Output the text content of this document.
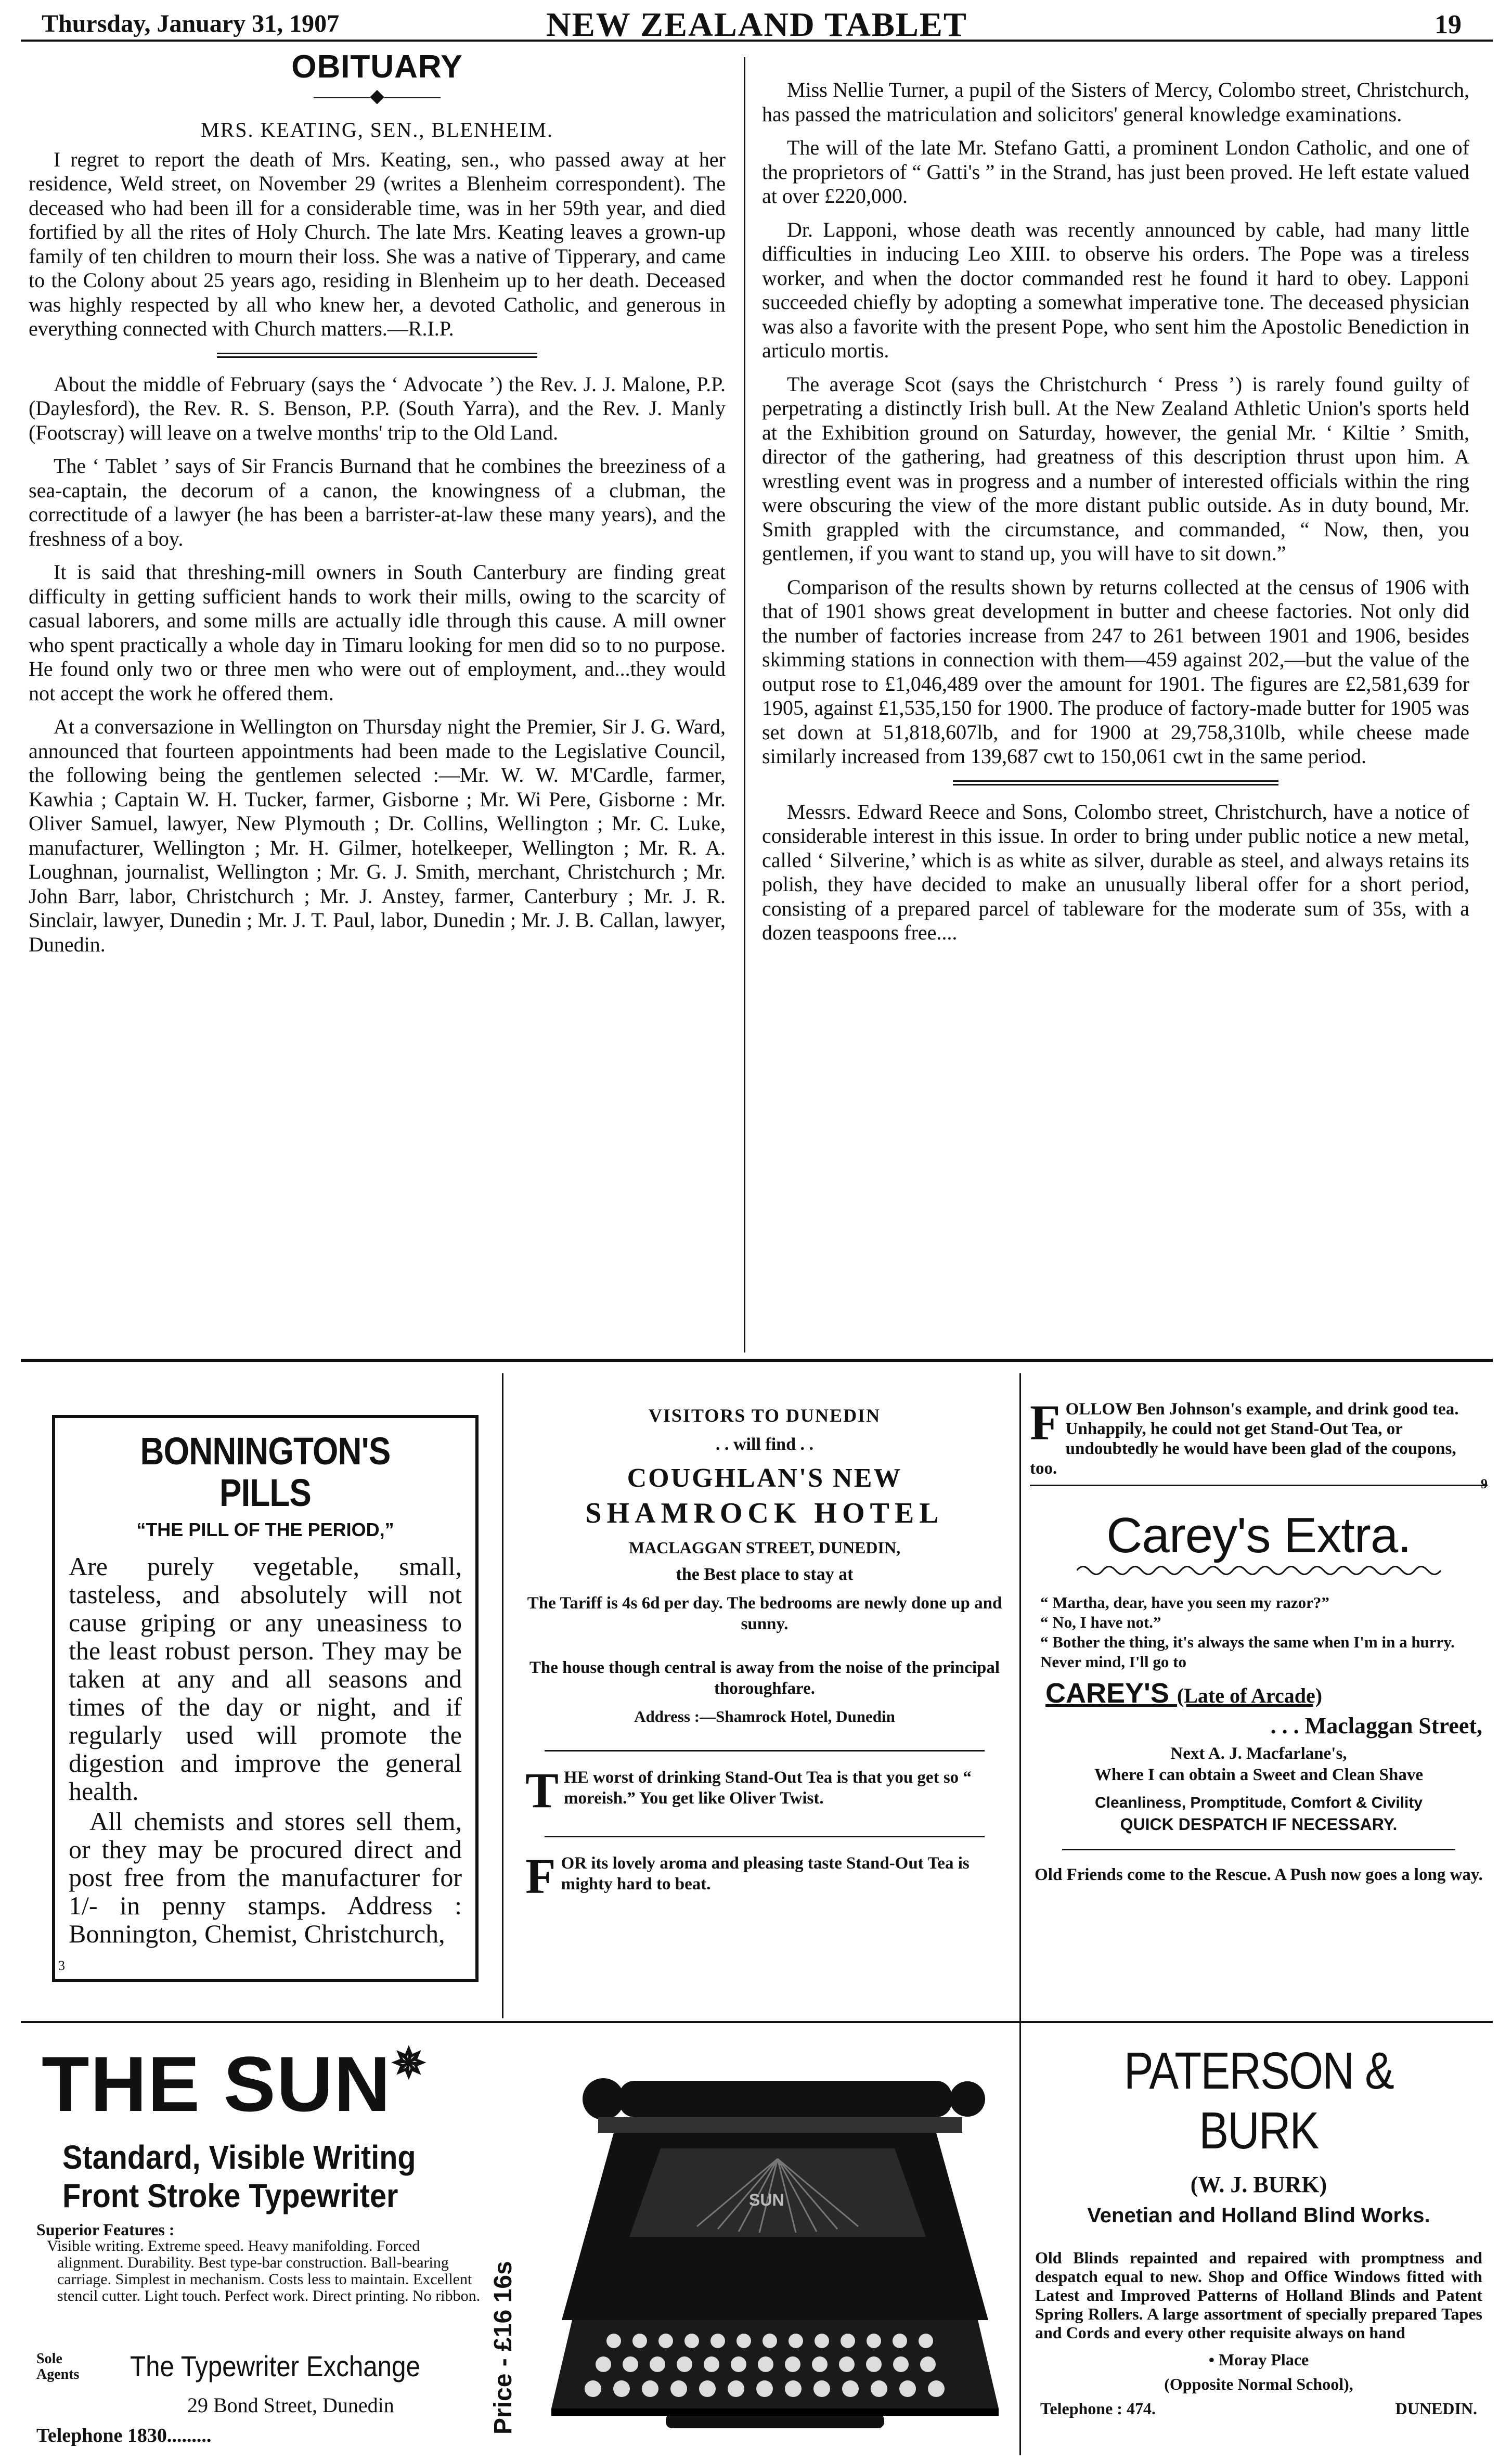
Thursday, January 31, 1907	NEW ZEALAND TABLET	19
OBITUARY
———◆———
MRS. KEATING, SEN., BLENHEIM.

I regret to report the death of Mrs. Keating, sen., who passed away at her residence, Weld street, on November 29 (writes a Blenheim correspondent). The deceased who had been ill for a considerable time, was in her 59th year, and died fortified by all the rites of Holy Church. The late Mrs. Keating leaves a grown-up family of ten children to mourn their loss. She was a native of Tipperary, and came to the Colony about 25 years ago, residing in Blenheim up to her death. Deceased was highly respected by all who knew her, a devoted Catholic, and generous in everything connected with Church matters.—R.I.P.

About the middle of February (says the ‘ Advocate ’) the Rev. J. J. Malone, P.P. (Daylesford), the Rev. R. S. Benson, P.P. (South Yarra), and the Rev. J. Manly (Footscray) will leave on a twelve months' trip to the Old Land.

The ‘ Tablet ’ says of Sir Francis Burnand that he combines the breeziness of a sea-captain, the decorum of a canon, the knowingness of a clubman, the correctitude of a lawyer (he has been a barrister-at-law these many years), and the freshness of a boy.

It is said that threshing-mill owners in South Canterbury are finding great difficulty in getting sufficient hands to work their mills, owing to the scarcity of casual laborers, and some mills are actually idle through this cause. A mill owner who spent practically a whole day in Timaru looking for men did so to no purpose. He found only two or three men who were out of employment, and...they would not accept the work he offered them.

At a conversazione in Wellington on Thursday night the Premier, Sir J. G. Ward, announced that fourteen appointments had been made to the Legislative Council, the following being the gentlemen selected :—Mr. W. W. M'Cardle, farmer, Kawhia ; Captain W. H. Tucker, farmer, Gisborne ; Mr. Wi Pere, Gisborne : Mr. Oliver Samuel, lawyer, New Plymouth ; Dr. Collins, Wellington ; Mr. C. Luke, manufacturer, Wellington ; Mr. H. Gilmer, hotelkeeper, Wellington ; Mr. R. A. Loughnan, journalist, Wellington ; Mr. G. J. Smith, merchant, Christchurch ; Mr. John Barr, labor, Christchurch ; Mr. J. Anstey, farmer, Canterbury ; Mr. J. R. Sinclair, lawyer, Dunedin ; Mr. J. T. Paul, labor, Dunedin ; Mr. J. B. Callan, lawyer, Dunedin.

Miss Nellie Turner, a pupil of the Sisters of Mercy, Colombo street, Christchurch, has passed the matriculation and solicitors' general knowledge examinations.

The will of the late Mr. Stefano Gatti, a prominent London Catholic, and one of the proprietors of “ Gatti's ” in the Strand, has just been proved. He left estate valued at over £220,000.

Dr. Lapponi, whose death was recently announced by cable, had many little difficulties in inducing Leo XIII. to observe his orders. The Pope was a tireless worker, and when the doctor commanded rest he found it hard to obey. Lapponi succeeded chiefly by adopting a somewhat imperative tone. The deceased physician was also a favorite with the present Pope, who sent him the Apostolic Benediction in articulo mortis.

The average Scot (says the Christchurch ‘ Press ’) is rarely found guilty of perpetrating a distinctly Irish bull. At the New Zealand Athletic Union's sports held at the Exhibition ground on Saturday, however, the genial Mr. ‘ Kiltie ’ Smith, director of the gathering, had greatness of this description thrust upon him. A wrestling event was in progress and a number of interested officials within the ring were obscuring the view of the more distant public outside. As in duty bound, Mr. Smith grappled with the circumstance, and commanded, “ Now, then, you gentlemen, if you want to stand up, you will have to sit down.”

Comparison of the results shown by returns collected at the census of 1906 with that of 1901 shows great development in butter and cheese factories. Not only did the number of factories increase from 247 to 261 between 1901 and 1906, besides skimming stations in connection with them—459 against 202,—but the value of the output rose to £1,046,489 over the amount for 1901. The figures are £2,581,639 for 1905, against £1,535,150 for 1900. The produce of factory-made butter for 1905 was set down at 51,818,607lb, and for 1900 at 29,758,310lb, while cheese made similarly increased from 139,687 cwt to 150,061 cwt in the same period.

Messrs. Edward Reece and Sons, Colombo street, Christchurch, have a notice of considerable interest in this issue. In order to bring under public notice a new metal, called ‘ Silverine,’ which is as white as silver, durable as steel, and always retains its polish, they have decided to make an unusually liberal offer for a short period, consisting of a prepared parcel of tableware for the moderate sum of 35s, with a dozen teaspoons free....

BONNINGTON'S PILLS
“THE PILL OF THE PERIOD,”

Are purely vegetable, small, tasteless, and absolutely will not cause griping or any uneasiness to the least robust person. They may be taken at any and all seasons and times of the day or night, and if regularly used will promote the digestion and improve the general health.

All chemists and stores sell them, or they may be procured direct and post free from the manufacturer for 1/- in penny stamps. Address : Bonnington, Chemist, Christchurch,

3
VISITORS TO DUNEDIN
. . will find . .
COUGHLAN'S NEW
SHAMROCK HOTEL
MACLAGGAN STREET, DUNEDIN,
the Best place to stay at
The Tariff is 4s 6d per day. The bedrooms are newly done up and sunny.
The house though central is away from the noise of the principal thoroughfare.
Address :—Shamrock Hotel, Dunedin
T HE worst of drinking Stand-Out Tea is that you get so “ moreish.” You get like Oliver Twist.
F OR its lovely aroma and pleasing taste Stand-Out Tea is mighty hard to beat.
F OLLOW Ben Johnson's example, and drink good tea. Unhappily, he could not get Stand-Out Tea, or undoubtedly he would have been glad of the coupons, too.
9
Carey's Extra.
“ Martha, dear, have you seen my razor?”
“ No, I have not.”
“ Bother the thing, it's always the same when I'm in a hurry. Never mind, I'll go to
CAREY'S (Late of Arcade)
. . . Maclaggan Street,
Next A. J. Macfarlane's,
Where I can obtain a Sweet and Clean Shave
Cleanliness, Promptitude, Comfort & Civility
QUICK DESPATCH IF NECESSARY.
Old Friends come to the Rescue. A Push now goes a long way.
THE SUN✵
Standard, Visible Writing
Front Stroke Typewriter
Superior Features :
Visible writing. Extreme speed. Heavy manifolding. Forced alignment. Durability. Best type-bar construction. Ball-bearing carriage. Simplest in mechanism. Costs less to maintain. Excellent stencil cutter. Light touch. Perfect work. Direct printing. No ribbon.
Sole
Agents The Typewriter Exchange
29 Bond Street, Dunedin
Telephone 1830.........
Price - £16 16s
SUN
PATERSON & BURK
(W. J. BURK)
Venetian and Holland Blind Works.
Old Blinds repainted and repaired with promptness and despatch equal to new. Shop and Office Windows fitted with Latest and Improved Patterns of Holland Blinds and Patent Spring Rollers. A large assortment of specially prepared Tapes and Cords and every other requisite always on hand
• Moray Place
(Opposite Normal School),
Telephone : 474.	DUNEDIN.
